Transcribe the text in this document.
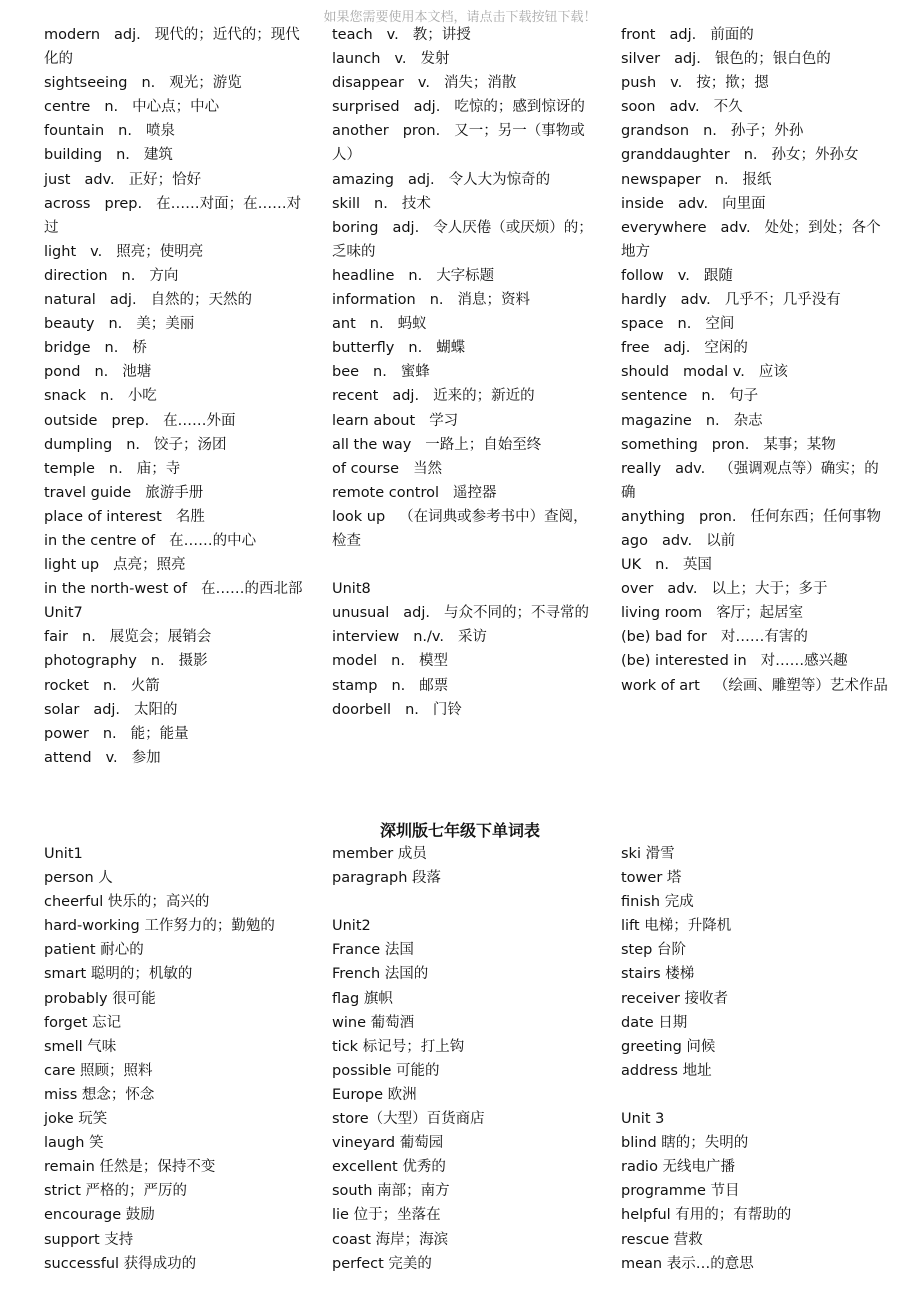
如果您需要使用本文档，请点击下载按钮下载！
modern adj. 现代的；近代的；现代化的
sightseeing n. 观光；游览
centre n. 中心点；中心
fountain n. 喷泉
building n. 建筑
just adv. 正好；恰好
across prep. 在……对面；在……对过
light v. 照亮；使明亮
direction n. 方向
natural adj. 自然的；天然的
beauty n. 美；美丽
bridge n. 桥
pond n. 池塘
snack n. 小吃
outside prep. 在……外面
dumpling n. 饺子；汤团
temple n. 庙；寺
travel guide 旅游手册
place of interest 名胜
in the centre of 在……的中心
light up 点亮；照亮
in the north-west of 在……的西北部
Unit7
fair n. 展览会；展销会
photography n. 摄影
rocket n. 火箭
solar adj. 太阳的
power n. 能；能量
attend v. 参加
teach v. 教；讲授
launch v. 发射
disappear v. 消失；消散
surprised adj. 吃惊的；感到惊讶的
another pron. 又一；另一（事物或人）
amazing adj. 令人大为惊奇的
skill n. 技术
boring adj. 令人厌倦（或厌烦）的；乏味的
headline n. 大字标题
information n. 消息；资料
ant n. 蚂蚁
butterfly n. 蝴蝶
bee n. 蜜蜂
recent adj. 近来的；新近的
learn about 学习
all the way 一路上；自始至终
of course 当然
remote control 遥控器
look up （在词典或参考书中）查阅，检查

Unit8
unusual adj. 与众不同的；不寻常的
interview n./v. 采访
model n. 模型
stamp n. 邮票
doorbell n. 门铃
front adj. 前面的
silver adj. 银色的；银白色的
push v. 按；揿；摁
soon adv. 不久
grandson n. 孙子；外孙
granddaughter n. 孙女；外孙女
newspaper n. 报纸
inside adv. 向里面
everywhere adv. 处处；到处；各个地方
follow v. 跟随
hardly adv. 几乎不；几乎没有
space n. 空间
free adj. 空闲的
should modal v. 应该
sentence n. 句子
magazine n. 杂志
something pron. 某事；某物
really adv. （强调观点等）确实；的确
anything pron. 任何东西；任何事物
ago adv. 以前
UK n. 英国
over adv. 以上；大于；多于
living room 客厅；起居室
(be) bad for 对……有害的
(be) interested in 对……感兴趣
work of art （绘画、雕塑等）艺术作品
深圳版七年级下单词表
Unit1
person 人
cheerful 快乐的；高兴的
hard-working 工作努力的；勤勉的
patient 耐心的
smart 聪明的；机敏的
probably 很可能
forget 忘记
smell 气味
care 照顾；照料
miss 想念；怀念
joke 玩笑
laugh 笑
remain 任然是；保持不变
strict 严格的；严厉的
encourage 鼓励
support 支持
successful 获得成功的
member 成员
paragraph 段落

Unit2
France 法国
French 法国的
flag 旗帜
wine 葡萄酒
tick 标记号；打上钩
possible 可能的
Europe 欧洲
store（大型）百货商店
vineyard 葡萄园
excellent 优秀的
south 南部；南方
lie 位于；坐落在
coast 海岸；海滨
perfect 完美的
ski 滑雪
tower 塔
finish 完成
lift 电梯；升降机
step 台阶
stairs 楼梯
receiver 接收者
date 日期
greeting 问候
address 地址

Unit 3
blind 瞎的；失明的
radio 无线电广播
programme 节目
helpful 有用的；有帮助的
rescue 营救
mean 表示…的意思
